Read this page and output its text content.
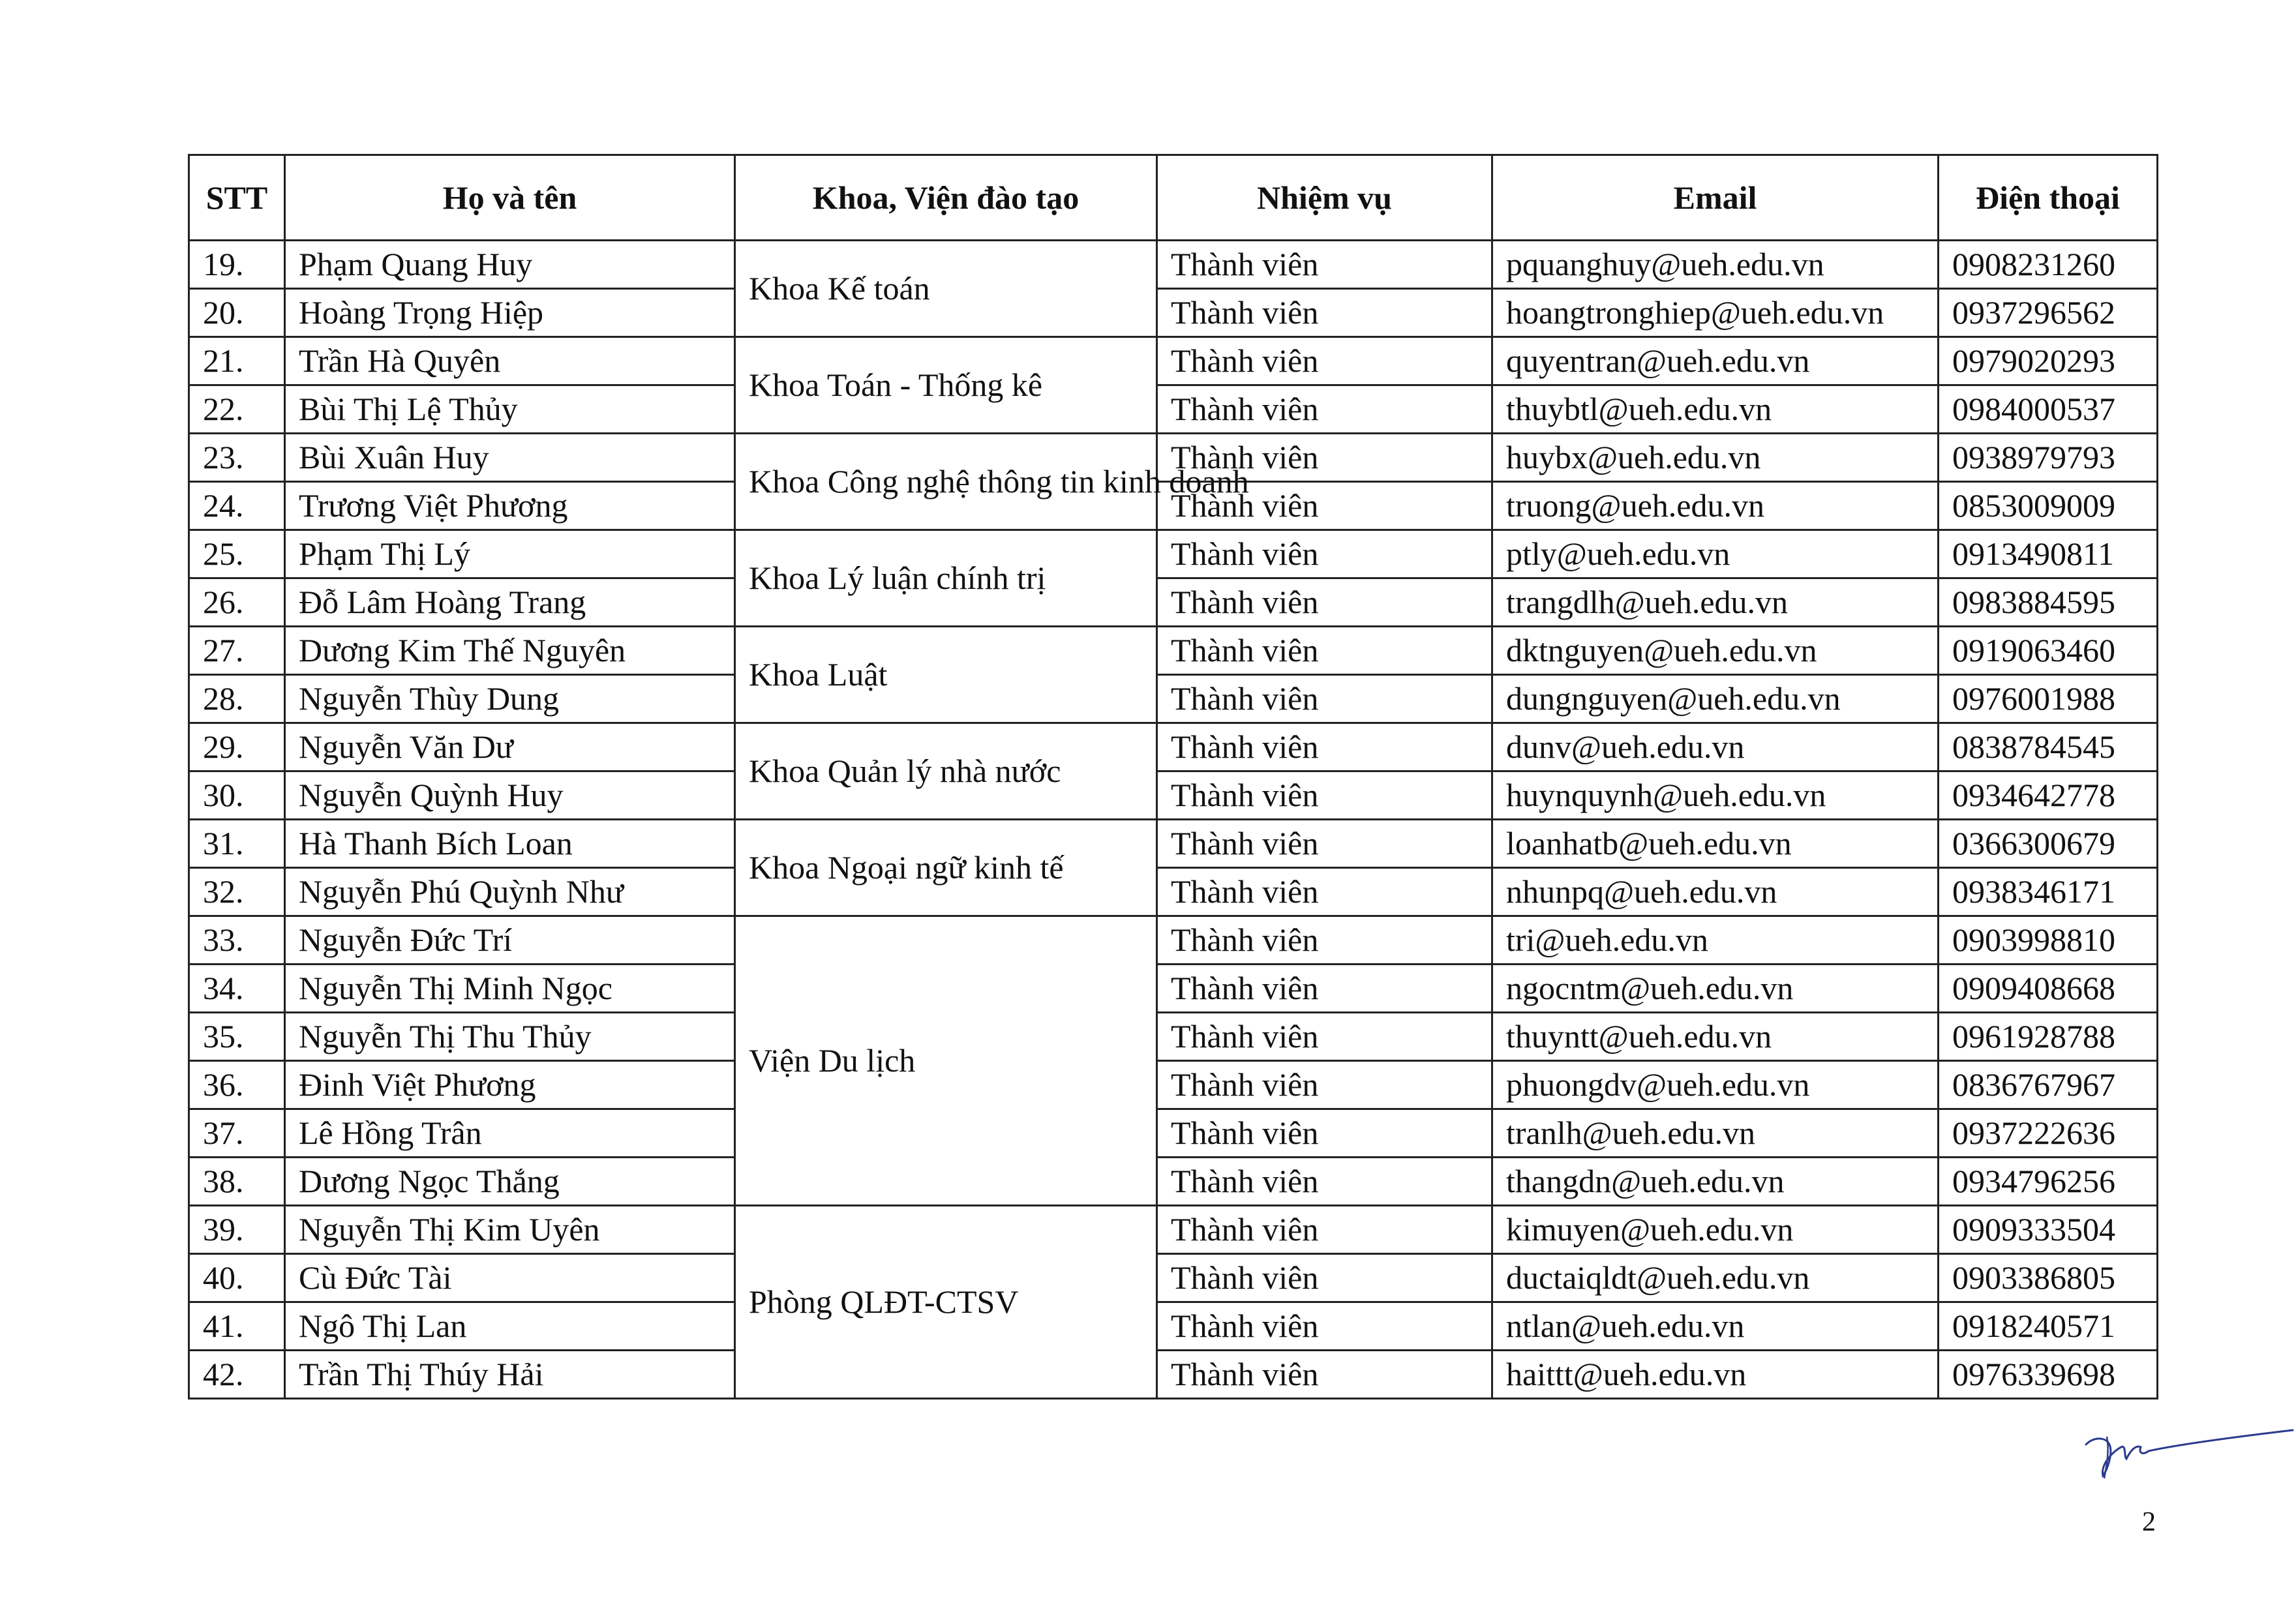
STT	Họ và tên	Khoa, Viện đào tạo	Nhiệm vụ	Email	Điện thoại
19.	Phạm Quang Huy	Khoa Kế toán	Thành viên	pquanghuy@ueh.edu.vn	0908231260
20.	Hoàng Trọng Hiệp		Thành viên	hoangtronghiep@ueh.edu.vn	0937296562
21.	Trần Hà Quyên	Khoa Toán - Thống kê	Thành viên	quyentran@ueh.edu.vn	0979020293
22.	Bùi Thị Lệ Thủy		Thành viên	thuybtl@ueh.edu.vn	0984000537
23.	Bùi Xuân Huy	Khoa Công nghệ thông tin kinh doanh	Thành viên	huybx@ueh.edu.vn	0938979793
24.	Trương Việt Phương		Thành viên	truong@ueh.edu.vn	0853009009
25.	Phạm Thị Lý	Khoa Lý luận chính trị	Thành viên	ptly@ueh.edu.vn	0913490811
26.	Đỗ Lâm Hoàng Trang		Thành viên	trangdlh@ueh.edu.vn	0983884595
27.	Dương Kim Thế Nguyên	Khoa Luật	Thành viên	dktnguyen@ueh.edu.vn	0919063460
28.	Nguyễn Thùy Dung		Thành viên	dungnguyen@ueh.edu.vn	0976001988
29.	Nguyễn Văn Dư	Khoa Quản lý nhà nước	Thành viên	dunv@ueh.edu.vn	0838784545
30.	Nguyễn Quỳnh Huy		Thành viên	huynquynh@ueh.edu.vn	0934642778
31.	Hà Thanh Bích Loan	Khoa Ngoại ngữ kinh tế	Thành viên	loanhatb@ueh.edu.vn	0366300679
32.	Nguyễn Phú Quỳnh Như		Thành viên	nhunpq@ueh.edu.vn	0938346171
33.	Nguyễn Đức Trí	Viện Du lịch	Thành viên	tri@ueh.edu.vn	0903998810
34.	Nguyễn Thị Minh Ngọc		Thành viên	ngocntm@ueh.edu.vn	0909408668
35.	Nguyễn Thị Thu Thủy		Thành viên	thuyntt@ueh.edu.vn	0961928788
36.	Đinh Việt Phương		Thành viên	phuongdv@ueh.edu.vn	0836767967
37.	Lê Hồng Trân		Thành viên	tranlh@ueh.edu.vn	0937222636
38.	Dương Ngọc Thắng		Thành viên	thangdn@ueh.edu.vn	0934796256
39.	Nguyễn Thị Kim Uyên	Phòng QLĐT-CTSV	Thành viên	kimuyen@ueh.edu.vn	0909333504
40.	Cù Đức Tài		Thành viên	ductaiqldt@ueh.edu.vn	0903386805
41.	Ngô Thị Lan		Thành viên	ntlan@ueh.edu.vn	0918240571
42.	Trần Thị Thúy Hải		Thành viên	haittt@ueh.edu.vn	0976339698
2
